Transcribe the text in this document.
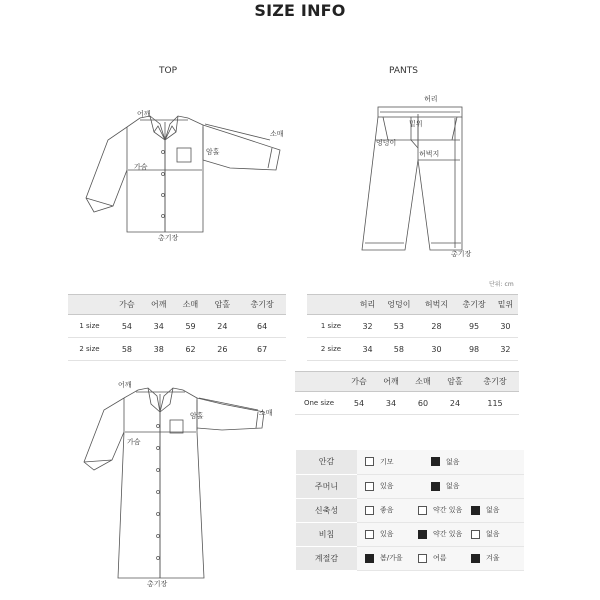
SIZE INFO
TOP
어깨
소매
암홀
가슴
총기장
PANTS
허리
밑위
엉덩이
허벅지
총기장
단위: cm
	가슴	어깨	소매	암홀	총기장
1 size	54	34	59	24	64
2 size	58	38	62	26	67
	허리	엉덩이	허벅지	총기장	밑위
1 size	32	53	28	95	30
2 size	34	58	30	98	32
어깨
암홀	소매
가슴
총기장
	가슴	어깨	소매	암홀	총기장
One size	54	34	60	24	115
안감	기모 없음

주머니	있음 없음

신축성	좋음 약간 있음 없음

비침	있음 약간 있음 없음

계절감	봄/가을 여름 겨울
